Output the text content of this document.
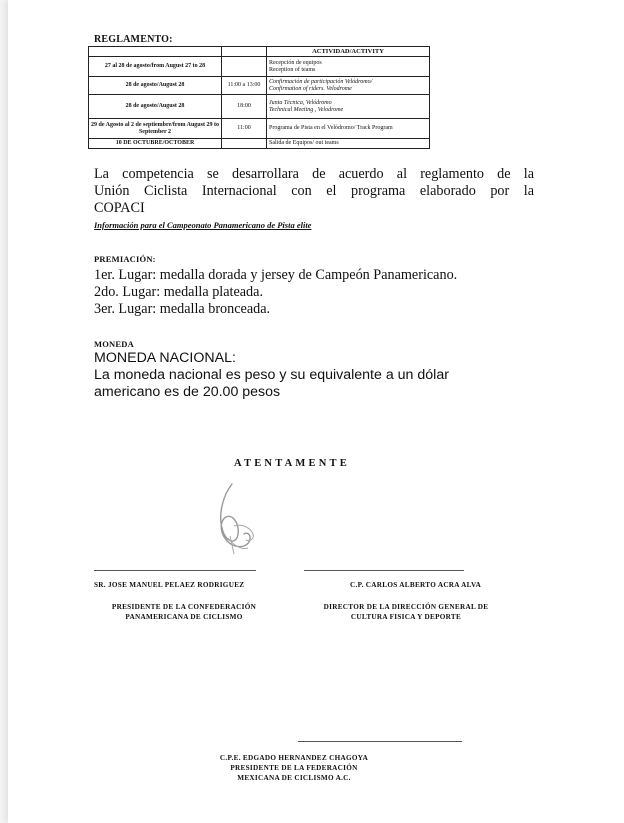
REGLAMENTO:
		ACTIVIDAD/ACTIVITY
27 al 28 de agosto/from August 27 to 28		Recepción de equipos
Reception of teams

28 de agosto/August 28	11:00 a 13:00	Confirmación de participación Velódromo/
Confirmation of riders. Velodrome

28 de agosto/August 28	18:00	Junta Técnica, Velódromo
Technical Meeting , Velodrome

29 de Agosto al 2 de septiembre/from August 29 to September 2	11:00	Programa de Pista en el Velódromo/ Track Program

10 DE OCTUBRE/OCTOBER		Salida de Equipos/ out teams
La competencia se desarrollara de acuerdo al reglamento de la
Unión Ciclista Internacional con el programa elaborado por la
COPACI
Información para el Campeonato Panamericano de Pista elite
PREMIACIÓN:
1er. Lugar: medalla dorada y jersey de Campeón Panamericano.
2do. Lugar: medalla plateada.
3er. Lugar: medalla bronceada.
MONEDA
MONEDA NACIONAL:
La moneda nacional es peso y su equivalente a un dólar
americano es de 20.00 pesos
ATENTAMENTE
SR. JOSE MANUEL PELAEZ RODRIGUEZ
PRESIDENTE DE LA CONFEDERACIÓN
PANAMERICANA DE CICLISMO
C.P. CARLOS ALBERTO ACRA ALVA
DIRECTOR DE LA DIRECCIÓN GENERAL DE
CULTURA FISICA Y DEPORTE
C.P.E. EDGADO HERNANDEZ CHAGOYA
PRESIDENTE DE LA FEDERACIÓN
MEXICANA DE CICLISMO A.C.
